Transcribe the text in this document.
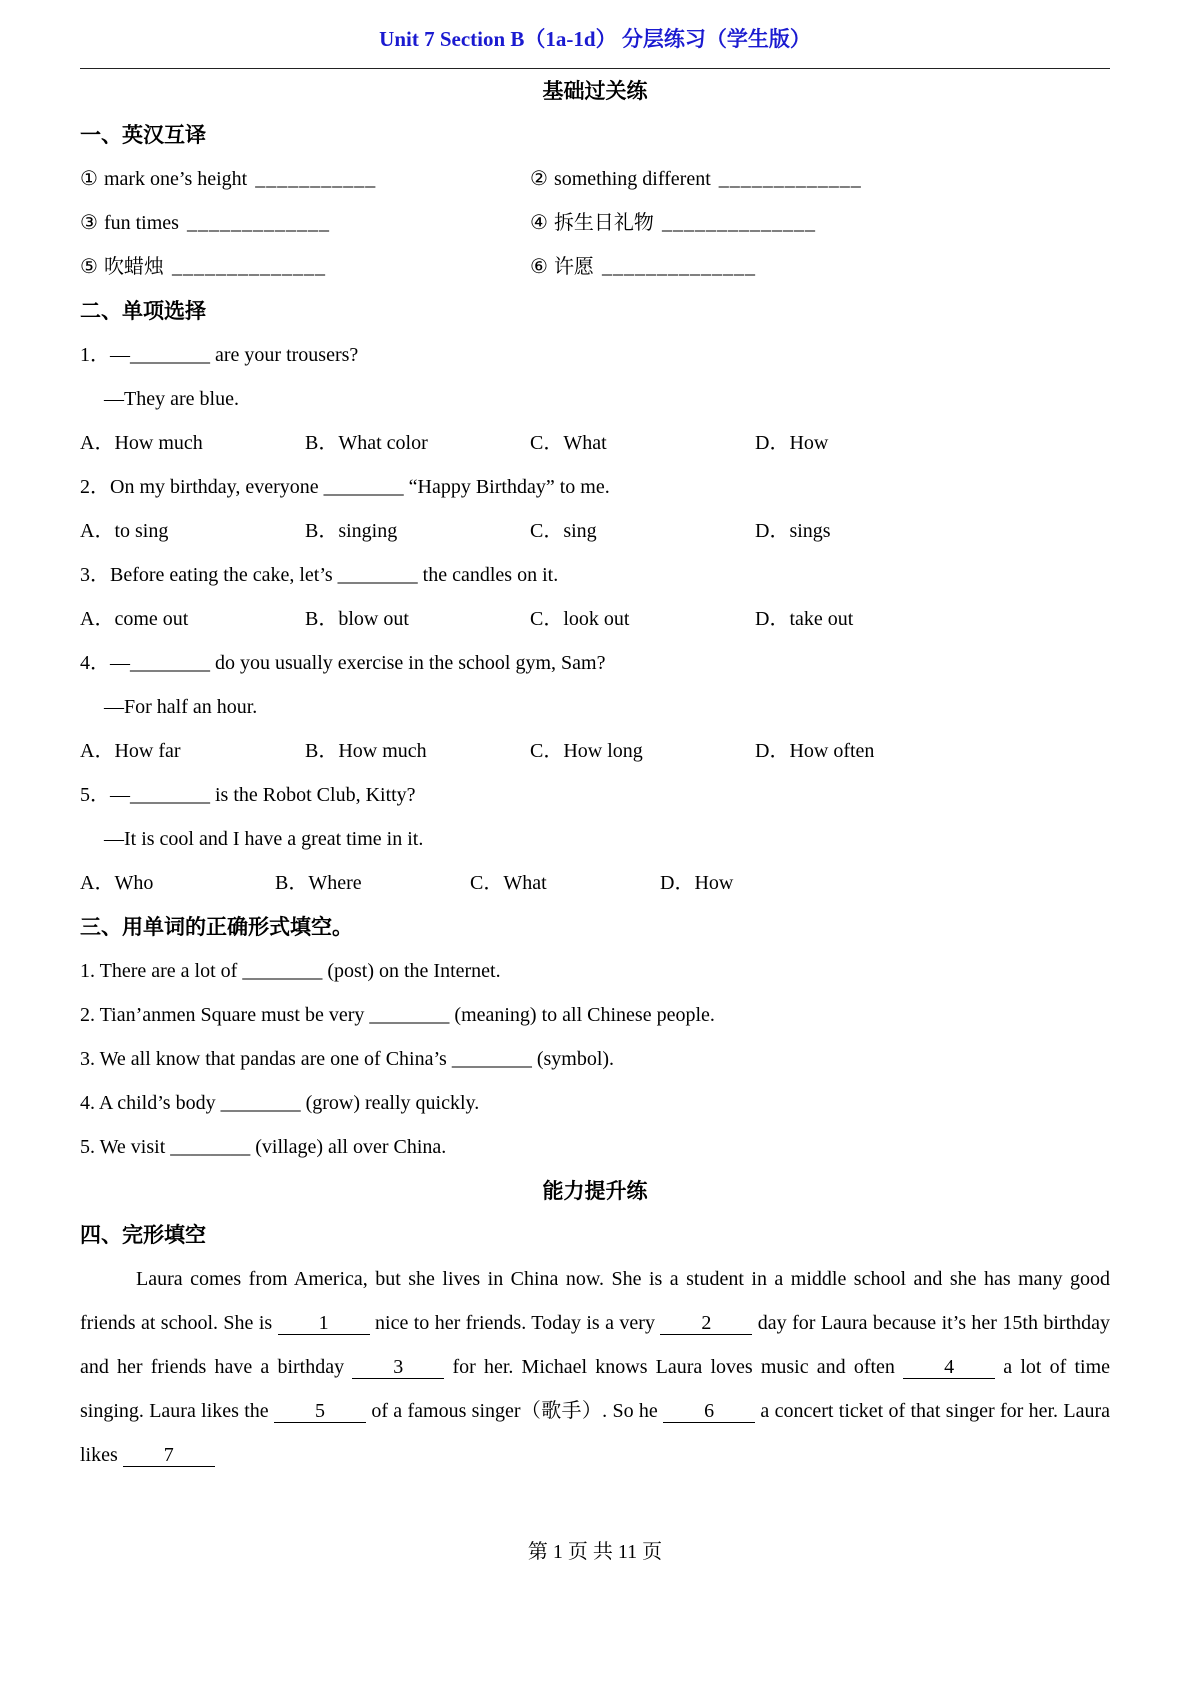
Unit 7 Section B（1a-1d） 分层练习（学生版）
基础过关练
一、英汉互译
① mark one’s height ___________	② something different _____________
③ fun times _____________	④ 拆生日礼物 ______________
⑤ 吹蜡烛 ______________	⑥ 许愿 ______________
二、单项选择
1．—________ are your trousers?
—They are blue.
A．How much	B．What color	C．What	D．How
2．On my birthday, everyone ________ “Happy Birthday” to me.
A．to sing	B．singing	C．sing	D．sings
3．Before eating the cake, let’s ________ the candles on it.
A．come out	B．blow out	C．look out	D．take out
4．—________ do you usually exercise in the school gym, Sam?
—For half an hour.
A．How far	B．How much	C．How long	D．How often
5．—________ is the Robot Club, Kitty?
—It is cool and I have a great time in it.
A．Who	B．Where	C．What	D．How
三、用单词的正确形式填空。
1. There are a lot of ________ (post) on the Internet.
2. Tian’anmen Square must be very ________ (meaning) to all Chinese people.
3. We all know that pandas are one of China’s ________ (symbol).
4. A child’s body ________ (grow) really quickly.
5. We visit ________ (village) all over China.
能力提升练
四、完形填空

Laura comes from America, but she lives in China now. She is a student in a middle school and she has many good friends at school. She is 1 nice to her friends. Today is a very 2 day for Laura because it’s her 15th birthday and her friends have a birthday 3 for her. Michael knows Laura loves music and often 4 a lot of time singing. Laura likes the 5 of a famous singer（歌手）. So he 6 a concert ticket of that singer for her. Laura likes 7

第 1 页 共 11 页
